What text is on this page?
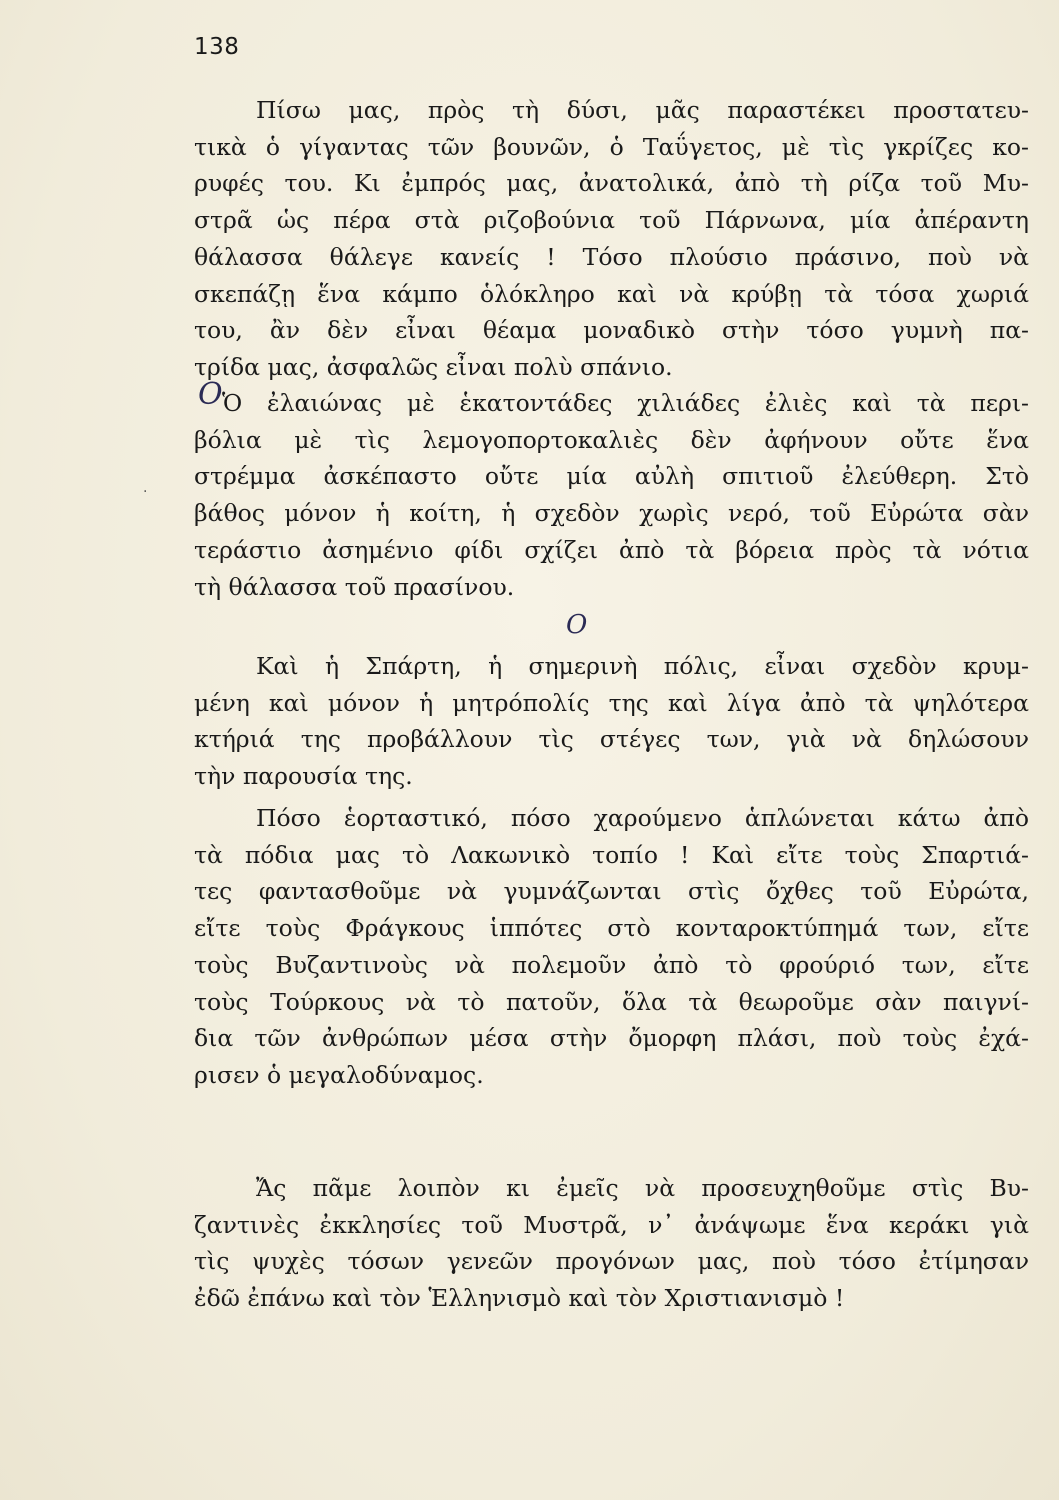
138
O
O
·
Πίσω μας, πρὸς τὴ δύσι, μᾶς παραστέκει προστατευ-
τικὰ ὁ γίγαντας τῶν βουνῶν, ὁ Ταΰγετος, μὲ τὶς γκρίζες κο-
ρυφές του. Κι ἐμπρός μας, ἀνατολικά, ἀπὸ τὴ ρίζα τοῦ Μυ-
στρᾶ ὡς πέρα στὰ ριζοβούνια τοῦ Πάρνωνα, μία ἀπέραντη
θάλασσα θάλεγε κανείς ! Τόσο πλούσιο πράσινο, ποὺ νὰ
σκεπάζῃ ἕνα κάμπο ὁλόκληρο καὶ νὰ κρύβῃ τὰ τόσα χωριά
του, ἂν δὲν εἶναι θέαμα μοναδικὸ στὴν τόσο γυμνὴ πα-
τρίδα μας, ἀσφαλῶς εἶναι πολὺ σπάνιο.
Ὁ ἐλαιώνας μὲ ἑκατοντάδες χιλιάδες ἐλιὲς καὶ τὰ περι-
βόλια μὲ τὶς λεμογοπορτοκαλιὲς δὲν ἀφήνουν οὔτε ἕνα
στρέμμα ἀσκέπαστο οὔτε μία αὐλὴ σπιτιοῦ ἐλεύθερη. Στὸ
βάθος μόνον ἡ κοίτη, ἡ σχεδὸν χωρὶς νερό, τοῦ Εὐρώτα σὰν
τεράστιο ἀσημένιο φίδι σχίζει ἀπὸ τὰ βόρεια πρὸς τὰ νότια
τὴ θάλασσα τοῦ πρασίνου.
Καὶ ἡ Σπάρτη, ἡ σημερινὴ πόλις, εἶναι σχεδὸν κρυμ-
μένη καὶ μόνον ἡ μητρόπολίς της καὶ λίγα ἀπὸ τὰ ψηλότερα
κτήριά της προβάλλουν τὶς στέγες των, γιὰ νὰ δηλώσουν
τὴν παρουσία της.
Πόσο ἑορταστικό, πόσο χαρούμενο ἁπλώνεται κάτω ἀπὸ
τὰ πόδια μας τὸ Λακωνικὸ τοπίο ! Καὶ εἴτε τοὺς Σπαρτιά-
τες φαντασθοῦμε νὰ γυμνάζωνται στὶς ὄχθες τοῦ Εὐρώτα,
εἴτε τοὺς Φράγκους ἱππότες στὸ κονταροκτύπημά των, εἴτε
τοὺς Βυζαντινοὺς νὰ πολεμοῦν ἀπὸ τὸ φρούριό των, εἴτε
τοὺς Τούρκους νὰ τὸ πατοῦν, ὅλα τὰ θεωροῦμε σὰν παιγνί-
δια τῶν ἀνθρώπων μέσα στὴν ὄμορφη πλάσι, ποὺ τοὺς ἐχά-
ρισεν ὁ μεγαλοδύναμος.
Ἄς πᾶμε λοιπὸν κι ἐμεῖς νὰ προσευχηθοῦμε στὶς Βυ-
ζαντινὲς ἐκκλησίες τοῦ Μυστρᾶ, ν᾽ ἀνάψωμε ἕνα κεράκι γιὰ
τὶς ψυχὲς τόσων γενεῶν προγόνων μας, ποὺ τόσο ἐτίμησαν
ἐδῶ ἐπάνω καὶ τὸν Ἑλληνισμὸ καὶ τὸν Χριστιανισμὸ !
